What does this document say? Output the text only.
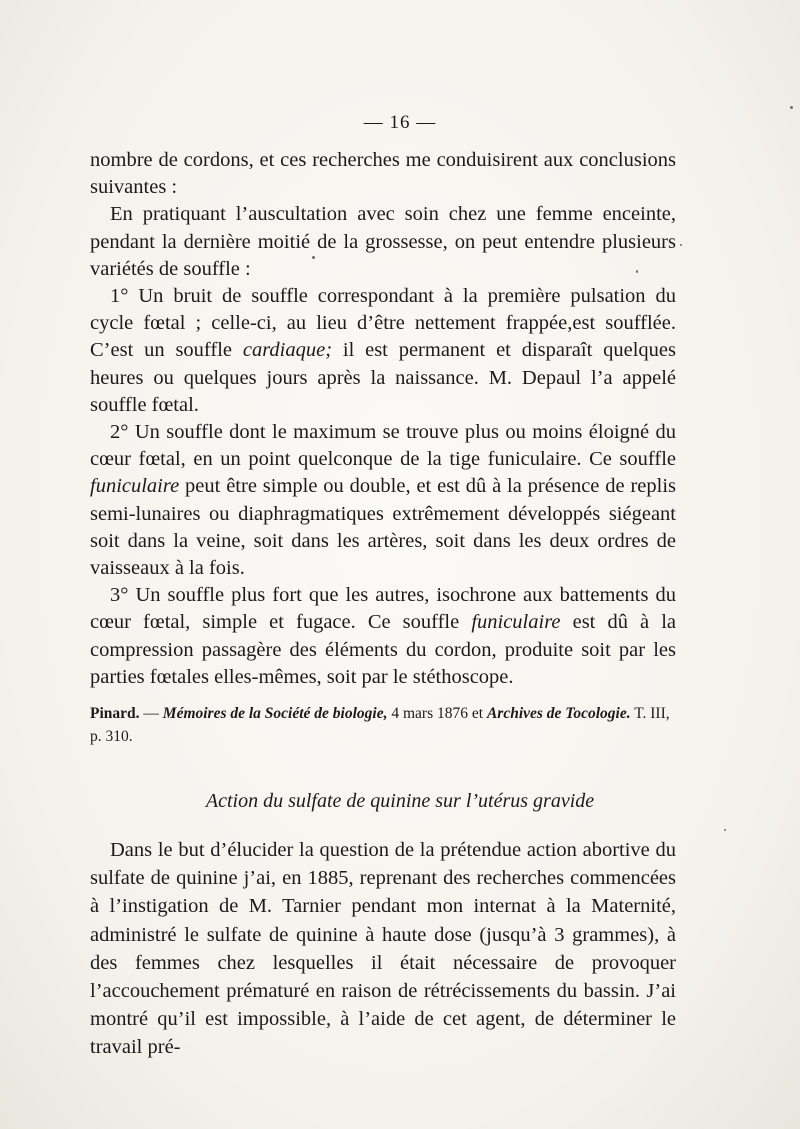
— 16 —

nombre de cordons, et ces recherches me conduisirent aux conclusions suivantes :

En pratiquant l’auscultation avec soin chez une femme enceinte, pendant la dernière moitié de la grossesse, on peut entendre plusieurs variétés de souffle :

1° Un bruit de souffle correspondant à la première pulsation du cycle fœtal ; celle-ci, au lieu d’être nettement frappée,est soufflée. C’est un souffle cardiaque; il est permanent et disparaît quelques heures ou quelques jours après la naissance. M. Depaul l’a appelé souffle fœtal.

2° Un souffle dont le maximum se trouve plus ou moins éloigné du cœur fœtal, en un point quelconque de la tige funiculaire. Ce souffle funiculaire peut être simple ou double, et est dû à la présence de replis semi-lunaires ou diaphragmatiques extrêmement développés siégeant soit dans la veine, soit dans les artères, soit dans les deux ordres de vaisseaux à la fois.

3° Un souffle plus fort que les autres, isochrone aux battements du cœur fœtal, simple et fugace. Ce souffle funiculaire est dû à la compression passagère des éléments du cordon, produite soit par les parties fœtales elles-mêmes, soit par le stéthoscope.

Pinard. — Mémoires de la Société de biologie, 4 mars 1876 et Archives de Tocologie. T. III, p. 310.
Action du sulfate de quinine sur l’utérus gravide

Dans le but d’élucider la question de la prétendue action abortive du sulfate de quinine j’ai, en 1885, reprenant des recherches commencées à l’instigation de M. Tarnier pendant mon internat à la Maternité, administré le sulfate de quinine à haute dose (jusqu’à 3 grammes), à des femmes chez lesquelles il était nécessaire de provoquer l’accouchement prématuré en raison de rétrécissements du bassin. J’ai montré qu’il est impossible, à l’aide de cet agent, de déterminer le travail pré-
